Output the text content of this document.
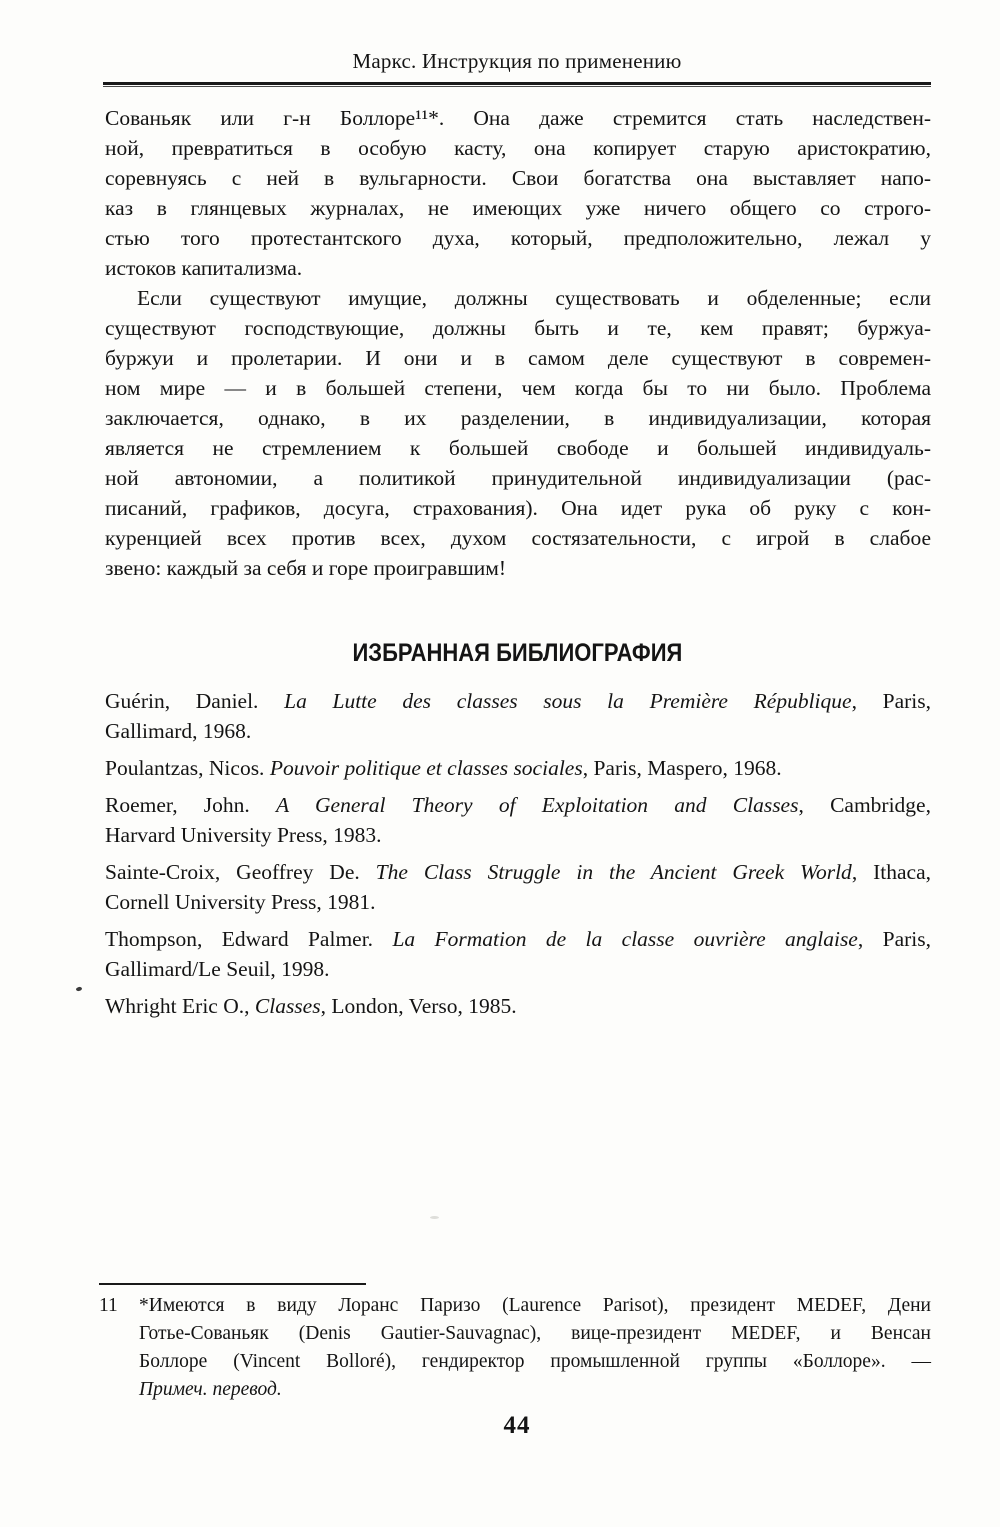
Маркс. Инструкция по применению
Сованьяк или г-н Боллоре¹¹*. Она даже стремится стать наследствен-
ной, превратиться в особую касту, она копирует старую аристократию,
соревнуясь с ней в вульгарности. Свои богатства она выставляет напо-
каз в глянцевых журналах, не имеющих уже ничего общего со строго-
стью того протестантского духа, который, предположительно, лежал у
истоков капитализма.
Если существуют имущие, должны существовать и обделенные; если
существуют господствующие, должны быть и те, кем правят; буржуа-
буржуи и пролетарии. И они и в самом деле существуют в современ-
ном мире — и в большей степени, чем когда бы то ни было. Проблема
заключается, однако, в их разделении, в индивидуализации, которая
является не стремлением к большей свободе и большей индивидуаль-
ной автономии, а политикой принудительной индивидуализации (рас-
писаний, графиков, досуга, страхования). Она идет рука об руку с кон-
куренцией всех против всех, духом состязательности, с игрой в слабое
звено: каждый за себя и горе проигравшим!
ИЗБРАННАЯ БИБЛИОГРАФИЯ
Guérin, Daniel. La Lutte des classes sous la Première République, Paris,
Gallimard, 1968.
Poulantzas, Nicos. Pouvoir politique et classes sociales, Paris, Maspero, 1968.
Roemer, John. A General Theory of Exploitation and Classes, Cambridge,
Harvard University Press, 1983.
Sainte-Croix, Geoffrey De. The Class Struggle in the Ancient Greek World, Ithaca,
Cornell University Press, 1981.
Thompson, Edward Palmer. La Formation de la classe ouvrière anglaise, Paris,
Gallimard/Le Seuil, 1998.
Whright Eric O., Classes, London, Verso, 1985.
11 *Имеются в виду Лоранс Паризо (Laurence Parisot), президент MEDEF, Дени
Готье-Сованьяк (Denis Gautier-Sauvagnac), вице-президент MEDEF, и Венсан
Боллоре (Vincent Bolloré), гендиректор промышленной группы «Боллоре». —
Примеч. перевод.
44
